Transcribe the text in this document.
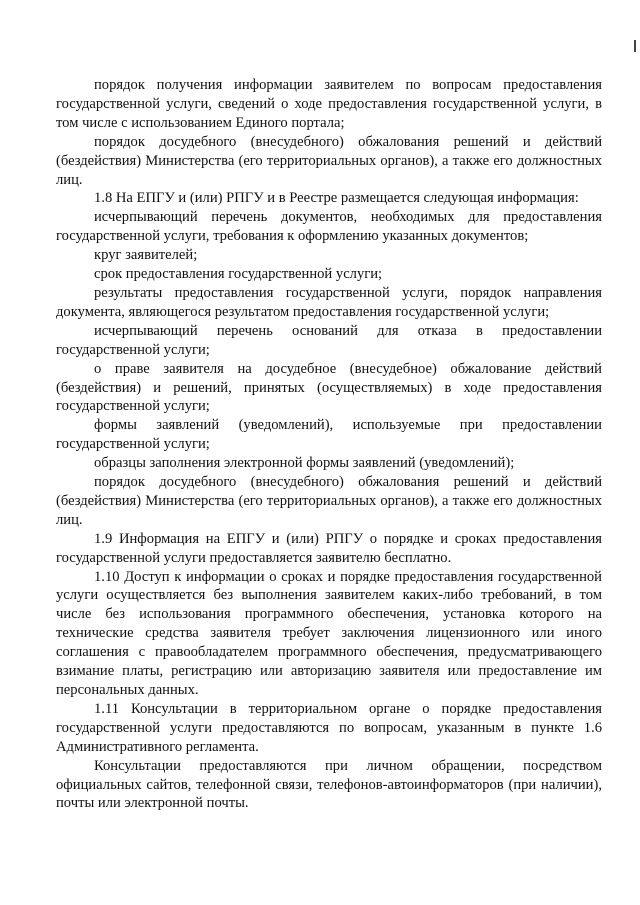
порядок получения информации заявителем по вопросам предоставления государственной услуги, сведений о ходе предоставления государственной услуги, в том числе с использованием Единого портала;

порядок досудебного (внесудебного) обжалования решений и действий (бездействия) Министерства (его территориальных органов), а также его должностных лиц.

1.8 На ЕПГУ и (или) РПГУ и в Реестре размещается следующая информация:

исчерпывающий перечень документов, необходимых для предоставления государственной услуги, требования к оформлению указанных документов;

круг заявителей;

срок предоставления государственной услуги;

результаты предоставления государственной услуги, порядок направления документа, являющегося результатом предоставления государственной услуги;

исчерпывающий перечень оснований для отказа в предоставлении государственной услуги;

о праве заявителя на досудебное (внесудебное) обжалование действий (бездействия) и решений, принятых (осуществляемых) в ходе предоставления государственной услуги;

формы заявлений (уведомлений), используемые при предоставлении государственной услуги;

образцы заполнения электронной формы заявлений (уведомлений);

порядок досудебного (внесудебного) обжалования решений и действий (бездействия) Министерства (его территориальных органов), а также его должностных лиц.

1.9 Информация на ЕПГУ и (или) РПГУ о порядке и сроках предоставления государственной услуги предоставляется заявителю бесплатно.

1.10 Доступ к информации о сроках и порядке предоставления государственной услуги осуществляется без выполнения заявителем каких-либо требований, в том числе без использования программного обеспечения, установка которого на технические средства заявителя требует заключения лицензионного или иного соглашения с правообладателем программного обеспечения, предусматривающего взимание платы, регистрацию или авторизацию заявителя или предоставление им персональных данных.

1.11 Консультации в территориальном органе о порядке предоставления государственной услуги предоставляются по вопросам, указанным в пункте 1.6 Административного регламента.

Консультации предоставляются при личном обращении, посредством официальных сайтов, телефонной связи, телефонов-автоинформаторов (при наличии), почты или электронной почты.
